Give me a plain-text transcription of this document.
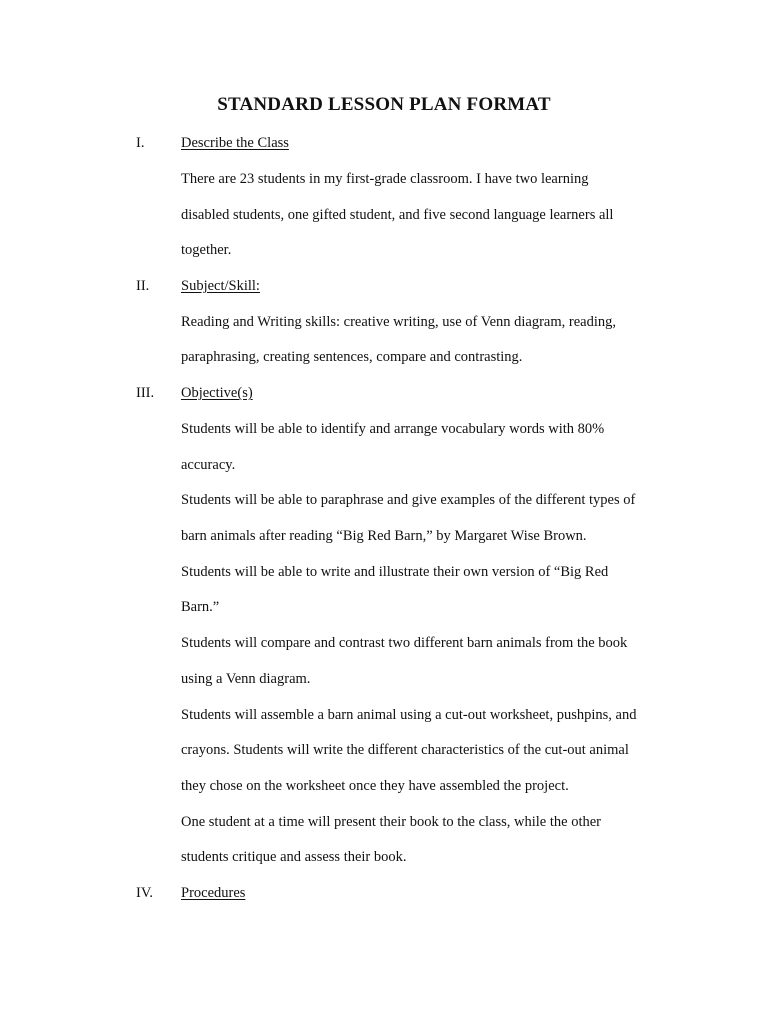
STANDARD LESSON PLAN FORMAT
I.	Describe the Class
There are 23 students in my first-grade classroom. I have two learning
disabled students, one gifted student, and five second language learners all
together.
II. Subject/Skill:
Reading and Writing skills: creative writing, use of Venn diagram, reading,
paraphrasing, creating sentences, compare and contrasting.
III. Objective(s)
Students will be able to identify and arrange vocabulary words with 80%
accuracy.
Students will be able to paraphrase and give examples of the different types of
barn animals after reading “Big Red Barn,” by Margaret Wise Brown.
Students will be able to write and illustrate their own version of “Big Red
Barn.”
Students will compare and contrast two different barn animals from the book
using a Venn diagram.
Students will assemble a barn animal using a cut-out worksheet, pushpins, and
crayons. Students will write the different characteristics of the cut-out animal
they chose on the worksheet once they have assembled the project.
One student at a time will present their book to the class, while the other
students critique and assess their book.
IV. Procedures
